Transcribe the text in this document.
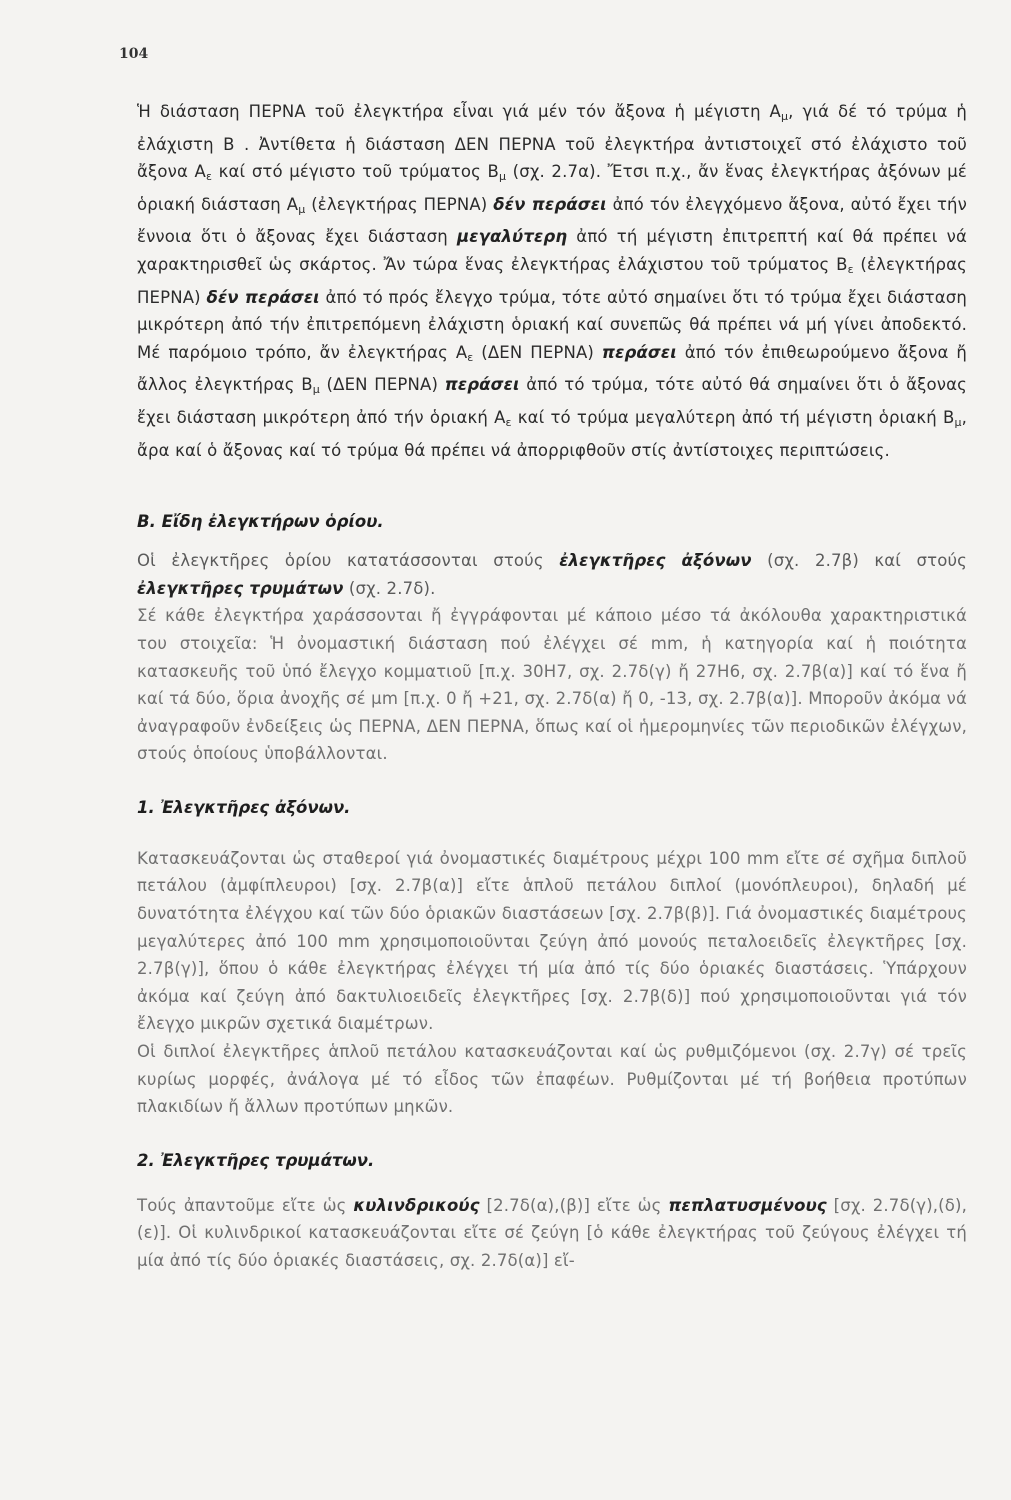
104

Ἡ διάσταση ΠΕΡΝΑ τοῦ ἐλεγκτήρα εἶναι γιά μέν τόν ἄξονα ἡ μέγιστη $A_\mu$, γιά δέ τό τρύμα ἡ ἐλάχιστη Β . Ἀντίθετα ἡ διάσταση ΔΕΝ ΠΕΡΝΑ τοῦ ἐλεγκτήρα ἀντιστοιχεῖ στό ἐλάχιστο τοῦ ἄξονα $A_\varepsilon$ καί στό μέγιστο τοῦ τρύματος $B_\mu$ (σχ. 2.7α). Ἔτσι π.χ., ἄν ἕνας ἐλεγκτήρας ἀξόνων μέ ὁριακή διάσταση $A_\mu$ (ἐλεγκτήρας ΠΕΡΝΑ) δέν περάσει ἀπό τόν ἐλεγχόμενο ἄξονα, αὐτό ἔχει τήν ἔννοια ὅτι ὁ ἄξονας ἔχει διάσταση μεγαλύτερη ἀπό τή μέγιστη ἐπιτρεπτή καί θά πρέπει νά χαρακτηρισθεῖ ὡς σκάρτος. Ἄν τώρα ἕνας ἐλεγκτήρας ἐλάχιστου τοῦ τρύματος $B_\varepsilon$ (ἐλεγκτήρας ΠΕΡΝΑ) δέν περάσει ἀπό τό πρός ἔλεγχο τρύμα, τότε αὐτό σημαίνει ὅτι τό τρύμα ἔχει διάσταση μικρότερη ἀπό τήν ἐπιτρεπόμενη ἐλάχιστη ὁριακή καί συνεπῶς θά πρέπει νά μή γίνει ἀποδεκτό. Μέ παρόμοιο τρόπο, ἄν ἐλεγκτήρας $A_\varepsilon$ (ΔΕΝ ΠΕΡΝΑ) περάσει ἀπό τόν ἐπιθεωρούμενο ἄξονα ἤ ἄλλος ἐλεγκτήρας $B_\mu$ (ΔΕΝ ΠΕΡΝΑ) περάσει ἀπό τό τρύμα, τότε αὐτό θά σημαίνει ὅτι ὁ ἄξονας ἔχει διάσταση μικρότερη ἀπό τήν ὁριακή $A_\varepsilon$ καί τό τρύμα μεγαλύτερη ἀπό τή μέγιστη ὁριακή $B_\mu$, ἄρα καί ὁ ἄξονας καί τό τρύμα θά πρέπει νά ἀπορριφθοῦν στίς ἀντίστοιχες περιπτώσεις.

Β. Εἴδη ἐλεγκτήρων ὁρίου.

Οἱ ἐλεγκτῆρες ὁρίου κατατάσσονται στούς ἐλεγκτῆρες ἀξόνων (σχ. 2.7β) καί στούς ἐλεγκτῆρες τρυμάτων (σχ. 2.7δ).

Σέ κάθε ἐλεγκτήρα χαράσσονται ἤ ἐγγράφονται μέ κάποιο μέσο τά ἀκόλουθα χαρακτηριστικά του στοιχεῖα: Ἡ ὀνομαστική διάσταση πού ἐλέγχει σέ mm, ἡ κατηγορία καί ἡ ποιότητα κατασκευῆς τοῦ ὑπό ἔλεγχο κομματιοῦ [π.χ. 30Η7, σχ. 2.7δ(γ) ἤ 27Η6, σχ. 2.7β(α)] καί τό ἕνα ἤ καί τά δύο, ὅρια ἀνοχῆς σέ μm [π.χ. 0 ἤ +21, σχ. 2.7δ(α) ἤ 0, -13, σχ. 2.7β(α)]. Μποροῦν ἀκόμα νά ἀναγραφοῦν ἐνδείξεις ὡς ΠΕΡΝΑ, ΔΕΝ ΠΕΡΝΑ, ὅπως καί οἱ ἡμερομηνίες τῶν περιοδικῶν ἐλέγχων, στούς ὁποίους ὑποβάλλονται.

1. Ἐλεγκτῆρες ἀξόνων.

Κατασκευάζονται ὡς σταθεροί γιά ὀνομαστικές διαμέτρους μέχρι 100 mm εἴτε σέ σχῆμα διπλοῦ πετάλου (ἀμφίπλευροι) [σχ. 2.7β(α)] εἴτε ἁπλοῦ πετάλου διπλοί (μονόπλευροι), δηλαδή μέ δυνατότητα ἐλέγχου καί τῶν δύο ὁριακῶν διαστάσεων [σχ. 2.7β(β)]. Γιά ὀνομαστικές διαμέτρους μεγαλύτερες ἀπό 100 mm χρησιμοποιοῦνται ζεύγη ἀπό μονούς πεταλοειδεῖς ἐλεγκτῆρες [σχ. 2.7β(γ)], ὅπου ὁ κάθε ἐλεγκτήρας ἐλέγχει τή μία ἀπό τίς δύο ὁριακές διαστάσεις. Ὑπάρχουν ἀκόμα καί ζεύγη ἀπό δακτυλιοειδεῖς ἐλεγκτῆρες [σχ. 2.7β(δ)] πού χρησιμοποιοῦνται γιά τόν ἔλεγχο μικρῶν σχετικά διαμέτρων.

Οἱ διπλοί ἐλεγκτῆρες ἁπλοῦ πετάλου κατασκευάζονται καί ὡς ρυθμιζόμενοι (σχ. 2.7γ) σέ τρεῖς κυρίως μορφές, ἀνάλογα μέ τό εἶδος τῶν ἐπαφέων. Ρυθμίζονται μέ τή βοήθεια προτύπων πλακιδίων ἤ ἄλλων προτύπων μηκῶν.

2. Ἐλεγκτῆρες τρυμάτων.

Τούς ἀπαντοῦμε εἴτε ὡς κυλινδρικούς [2.7δ(α),(β)] εἴτε ὡς πεπλατυσμένους [σχ. 2.7δ(γ),(δ),(ε)]. Οἱ κυλινδρικοί κατασκευάζονται εἴτε σέ ζεύγη [ὁ κάθε ἐλεγκτήρας τοῦ ζεύγους ἐλέγχει τή μία ἀπό τίς δύο ὁριακές διαστάσεις, σχ. 2.7δ(α)] εἴ-
